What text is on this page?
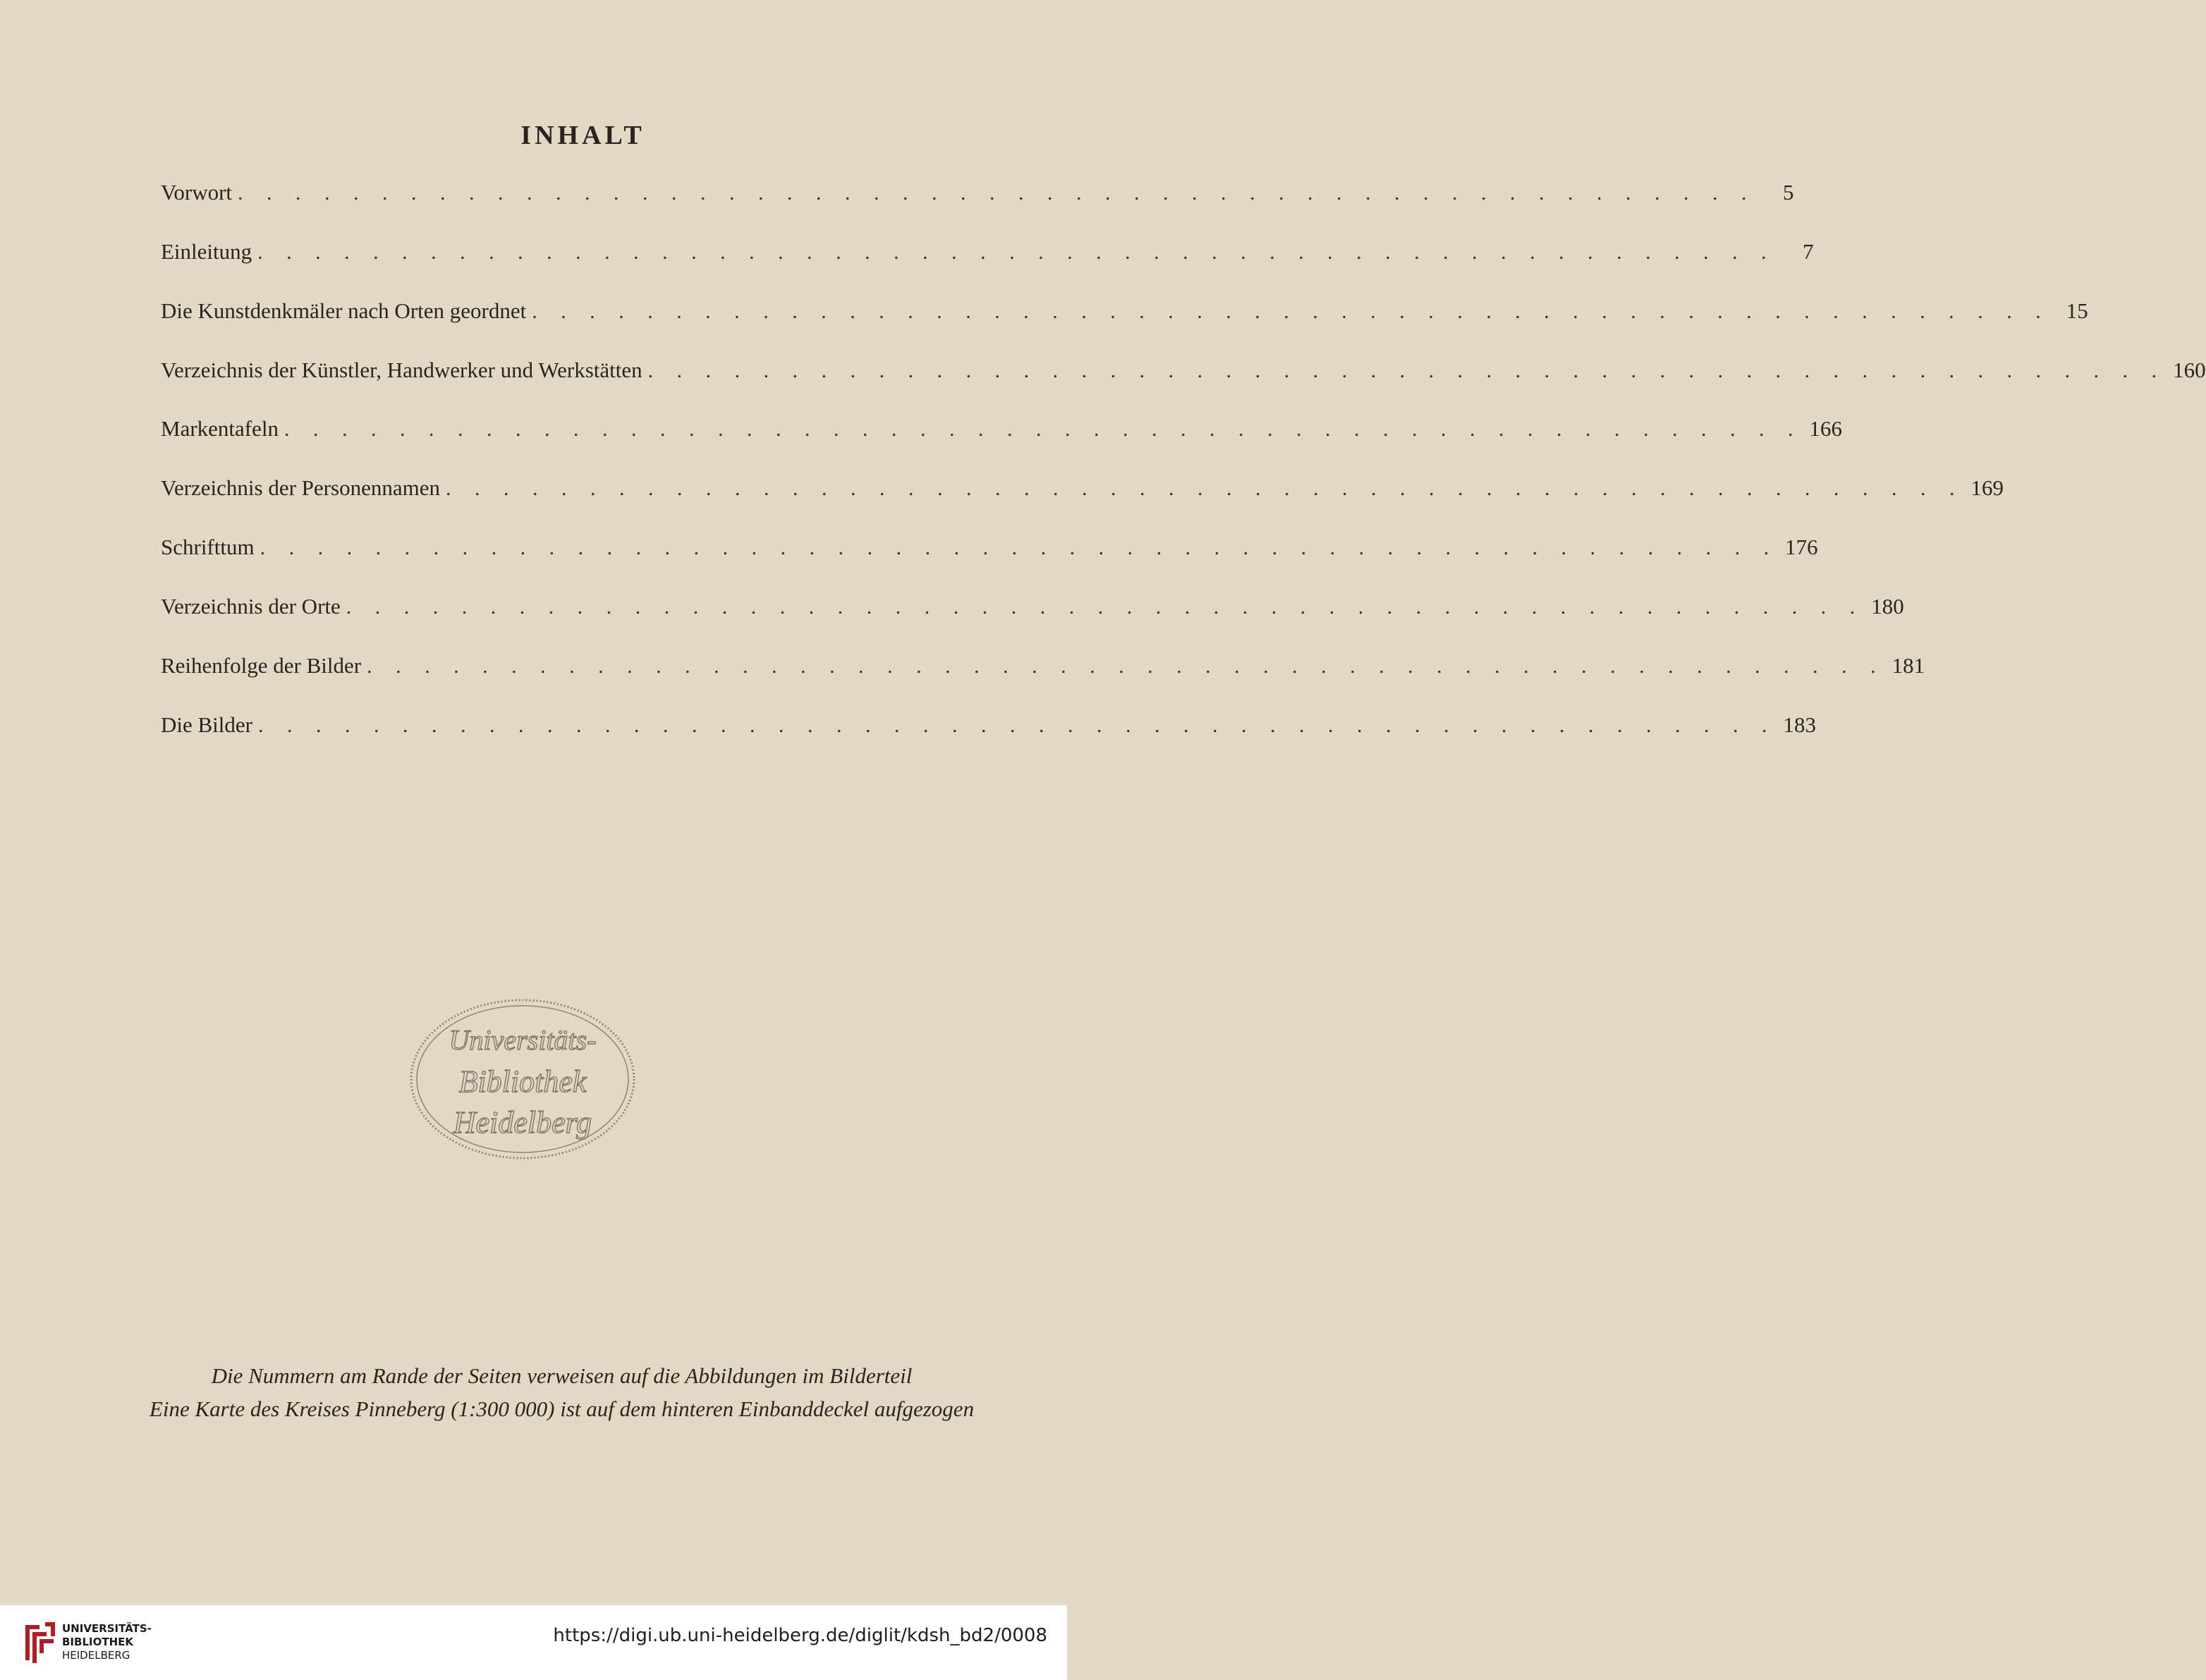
INHALT
Vorwort . . . . . . . . . . . . . . . . . . . . . . . . . . . . . . . . . . . . . . . . . . . . . . . . . . . . .	5
Einleitung . . . . . . . . . . . . . . . . . . . . . . . . . . . . . . . . . . . . . . . . . . . . . . . . . . . . .	7
Die Kunstdenkmäler nach Orten geordnet . . . . . . . . . . . . . . . . . . . . . . . . . . . . . . . . . . . . . . . . . . . . . . . . . . . . . 15
Verzeichnis der Künstler, Handwerker und Werkstätten . . . . . . . . . . . . . . . . . . . . . . . . . . . . . . . . . . . . . . . . . . . . . . . . . . . . . 160
Markentafeln . . . . . . . . . . . . . . . . . . . . . . . . . . . . . . . . . . . . . . . . . . . . . . . . . . . . . 166
Verzeichnis der Personennamen . . . . . . . . . . . . . . . . . . . . . . . . . . . . . . . . . . . . . . . . . . . . . . . . . . . . . 169
Schrifttum . . . . . . . . . . . . . . . . . . . . . . . . . . . . . . . . . . . . . . . . . . . . . . . . . . . . . 176
Verzeichnis der Orte . . . . . . . . . . . . . . . . . . . . . . . . . . . . . . . . . . . . . . . . . . . . . . . . . . . . . 180
Reihenfolge der Bilder . . . . . . . . . . . . . . . . . . . . . . . . . . . . . . . . . . . . . . . . . . . . . . . . . . . . . 181
Die Bilder . . . . . . . . . . . . . . . . . . . . . . . . . . . . . . . . . . . . . . . . . . . . . . . . . . . . . 183
Universitäts-
Bibliothek
Heidelberg
Die Nummern am Rande der Seiten verweisen auf die Abbildungen im Bilderteil
Eine Karte des Kreises Pinneberg (1:300 000) ist auf dem hinteren Einbanddeckel aufgezogen
UNIVERSITÄTS-
BIBLIOTHEK
HEIDELBERG
https://digi.ub.uni-heidelberg.de/diglit/kdsh_bd2/0008
